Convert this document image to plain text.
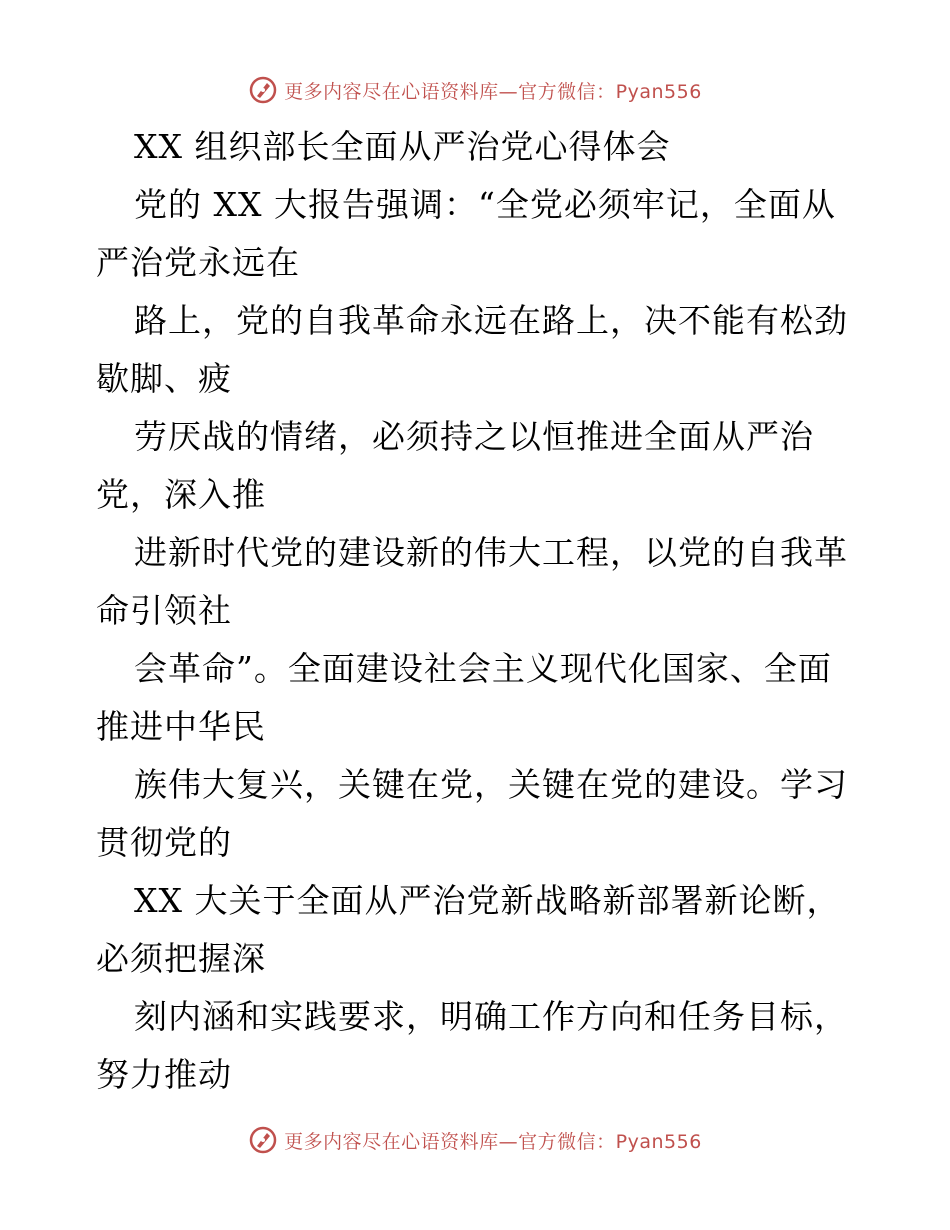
更多内容尽在心语资料库—官方微信：Pyan556
XX 组织部长全面从严治党心得体会
党的 XX 大报告强调：“全党必须牢记，全面从
严治党永远在
路上，党的自我革命永远在路上，决不能有松劲
歇脚、疲
劳厌战的情绪，必须持之以恒推进全面从严治
党，深入推
进新时代党的建设新的伟大工程，以党的自我革
命引领社
会革命”。全面建设社会主义现代化国家、全面
推进中华民
族伟大复兴，关键在党，关键在党的建设。学习
贯彻党的
XX 大关于全面从严治党新战略新部署新论断，
必须把握深
刻内涵和实践要求，明确工作方向和任务目标，
努力推动
更多内容尽在心语资料库—官方微信：Pyan556
